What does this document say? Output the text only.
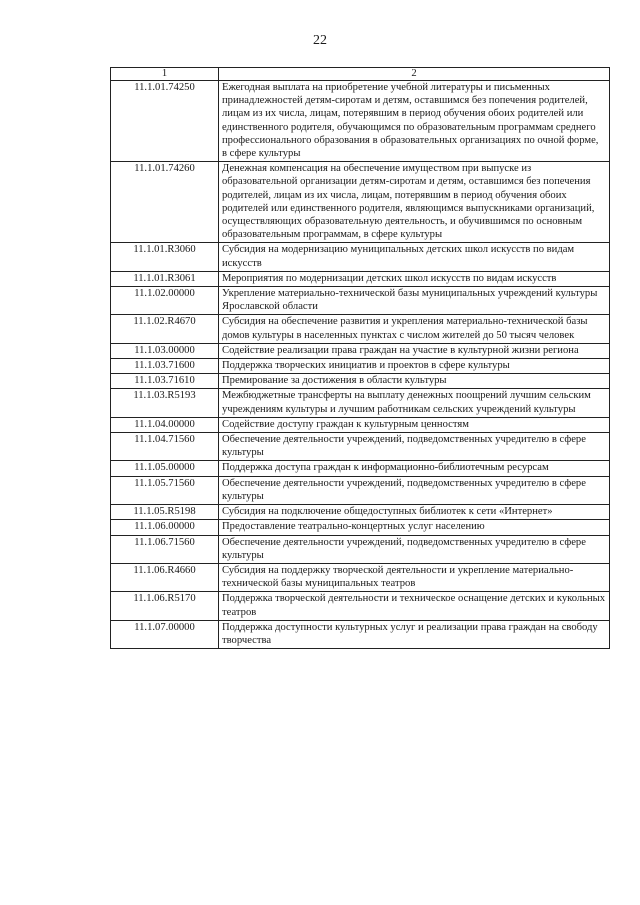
22
1	2
11.1.01.74250	Ежегодная выплата на приобретение учебной литературы и письменных принадлежностей детям-сиротам и детям, оставшимся без попечения родителей, лицам из их числа, лицам, потерявшим в период обучения обоих родителей или единственного родителя, обучающимся по образовательным программам среднего профессионального образования в образовательных организациях по очной форме, в сфере культуры
11.1.01.74260	Денежная компенсация на обеспечение имуществом при выпуске из образовательной организации детям-сиротам и детям, оставшимся без попечения родителей, лицам из их числа, лицам, потерявшим в период обучения обоих родителей или единственного родителя, являющимся выпускниками организаций, осуществляющих образовательную деятельность, и обучившимся по основным образовательным программам, в сфере культуры
11.1.01.R3060	Субсидия на модернизацию муниципальных детских школ искусств по видам искусств
11.1.01.R3061	Мероприятия по модернизации детских школ искусств по видам искусств
11.1.02.00000	Укрепление материально-технической базы муниципальных учреждений культуры Ярославской области
11.1.02.R4670	Субсидия на обеспечение развития и укрепления материально-технической базы домов культуры в населенных пунктах с числом жителей до 50 тысяч человек
11.1.03.00000	Содействие реализации права граждан на участие в культурной жизни региона
11.1.03.71600	Поддержка творческих инициатив и проектов в сфере культуры
11.1.03.71610	Премирование за достижения в области культуры
11.1.03.R5193	Межбюджетные трансферты на выплату денежных поощрений лучшим сельским учреждениям культуры и лучшим работникам сельских учреждений культуры
11.1.04.00000	Содействие доступу граждан к культурным ценностям
11.1.04.71560	Обеспечение деятельности учреждений, подведомственных учредителю в сфере культуры
11.1.05.00000	Поддержка доступа граждан к информационно-библиотечным ресурсам
11.1.05.71560	Обеспечение деятельности учреждений, подведомственных учредителю в сфере культуры
11.1.05.R5198	Субсидия на подключение общедоступных библиотек к сети «Интернет»
11.1.06.00000	Предоставление театрально-концертных услуг населению
11.1.06.71560	Обеспечение деятельности учреждений, подведомственных учредителю в сфере культуры
11.1.06.R4660	Субсидия на поддержку творческой деятельности и укрепление материально-технической базы муниципальных театров
11.1.06.R5170	Поддержка творческой деятельности и техническое оснащение детских и кукольных театров
11.1.07.00000	Поддержка доступности культурных услуг и реализации права граждан на свободу творчества
